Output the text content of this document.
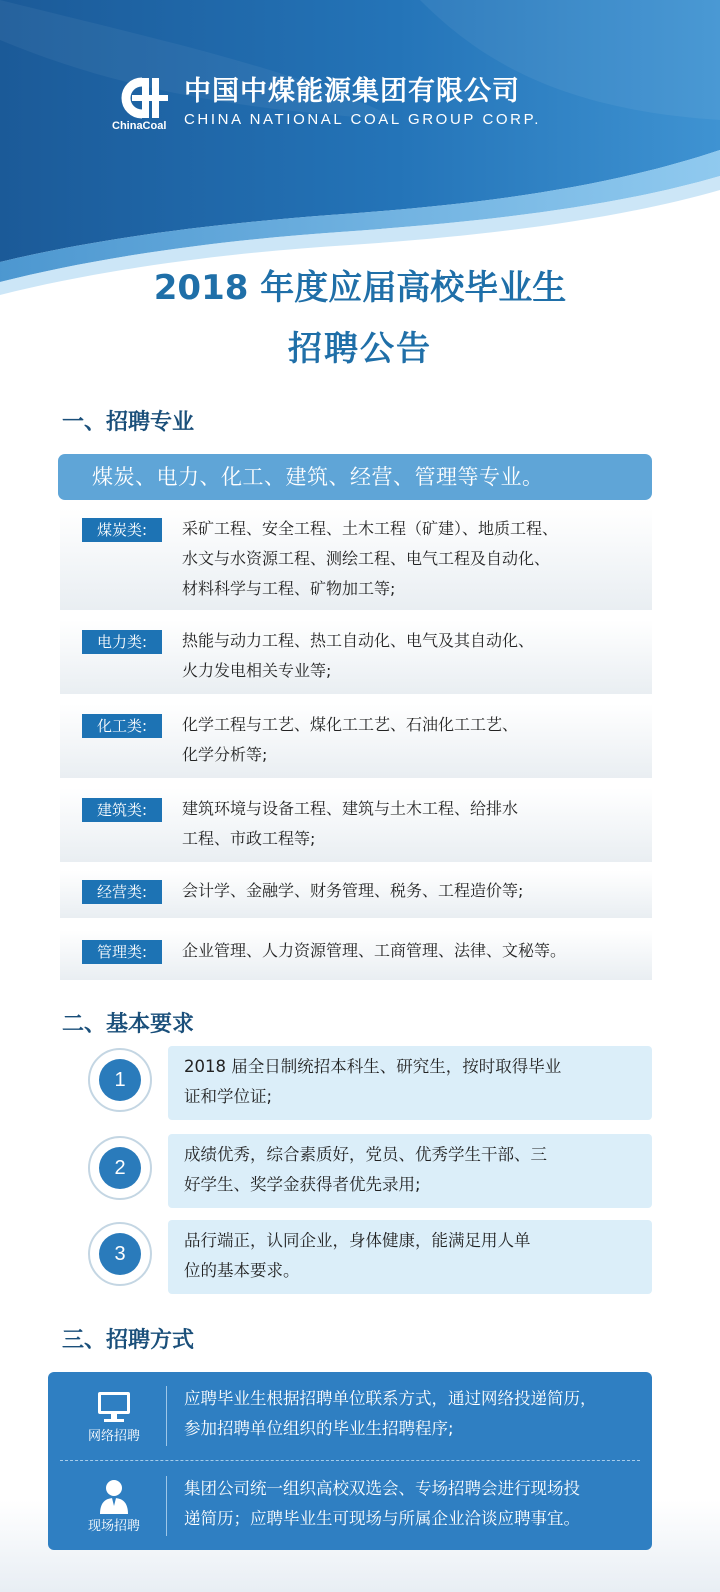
ChinaCoal
中国中煤能源集团有限公司
CHINA NATIONAL COAL GROUP CORP.
2018 年度应届高校毕业生
招聘公告
一、招聘专业
煤炭、电力、化工、建筑、经营、管理等专业。
煤炭类:	采矿工程、安全工程、土木工程（矿建）、地质工程、
水文与水资源工程、测绘工程、电气工程及自动化、
材料科学与工程、矿物加工等;
电力类:	热能与动力工程、热工自动化、电气及其自动化、
火力发电相关专业等;
化工类:	化学工程与工艺、煤化工工艺、石油化工工艺、
化学分析等;
建筑类:	建筑环境与设备工程、建筑与土木工程、给排水
工程、市政工程等;
经营类:	会计学、金融学、财务管理、税务、工程造价等;
管理类:	企业管理、人力资源管理、工商管理、法律、文秘等。
二、基本要求
1
2018 届全日制统招本科生、研究生，按时取得毕业
证和学位证;
2
成绩优秀，综合素质好，党员、优秀学生干部、三
好学生、奖学金获得者优先录用;
3
品行端正，认同企业，身体健康，能满足用人单
位的基本要求。
三、招聘方式
网络招聘
应聘毕业生根据招聘单位联系方式，通过网络投递简历，
参加招聘单位组织的毕业生招聘程序;
现场招聘
集团公司统一组织高校双选会、专场招聘会进行现场投
递简历；应聘毕业生可现场与所属企业洽谈应聘事宜。
